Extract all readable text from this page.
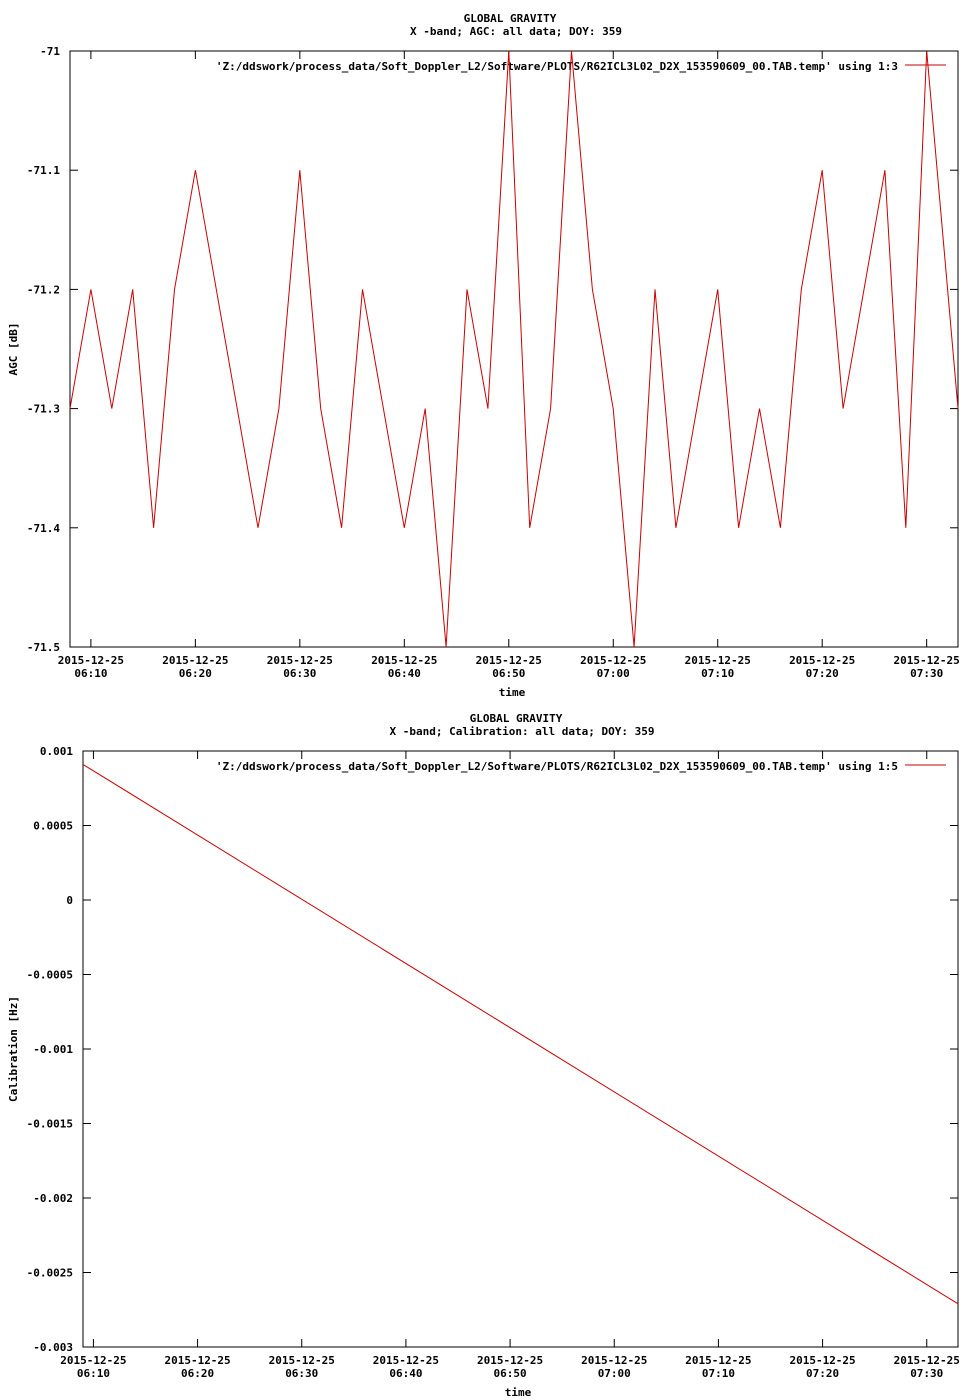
GLOBAL GRAVITY
X -band; AGC: all data; DOY: 359
-71
-71.1
-71.2
-71.3
-71.4
-71.5
2015-12-25
06:10
2015-12-25
06:20
2015-12-25
06:30
2015-12-25
06:40
2015-12-25
06:50
2015-12-25
07:00
2015-12-25
07:10
2015-12-25
07:20
2015-12-25
07:30
time
AGC [dB]
'Z:/ddswork/process_data/Soft_Doppler_L2/Software/PLOTS/R62ICL3L02_D2X_153590609_00.TAB.temp' using 1:3
GLOBAL GRAVITY
X -band; Calibration: all data; DOY: 359
0.001
0.0005
0
-0.0005
-0.001
-0.0015
-0.002
-0.0025
-0.003
2015-12-25
06:10
2015-12-25
06:20
2015-12-25
06:30
2015-12-25
06:40
2015-12-25
06:50
2015-12-25
07:00
2015-12-25
07:10
2015-12-25
07:20
2015-12-25
07:30
time
Calibration [Hz]
'Z:/ddswork/process_data/Soft_Doppler_L2/Software/PLOTS/R62ICL3L02_D2X_153590609_00.TAB.temp' using 1:5
